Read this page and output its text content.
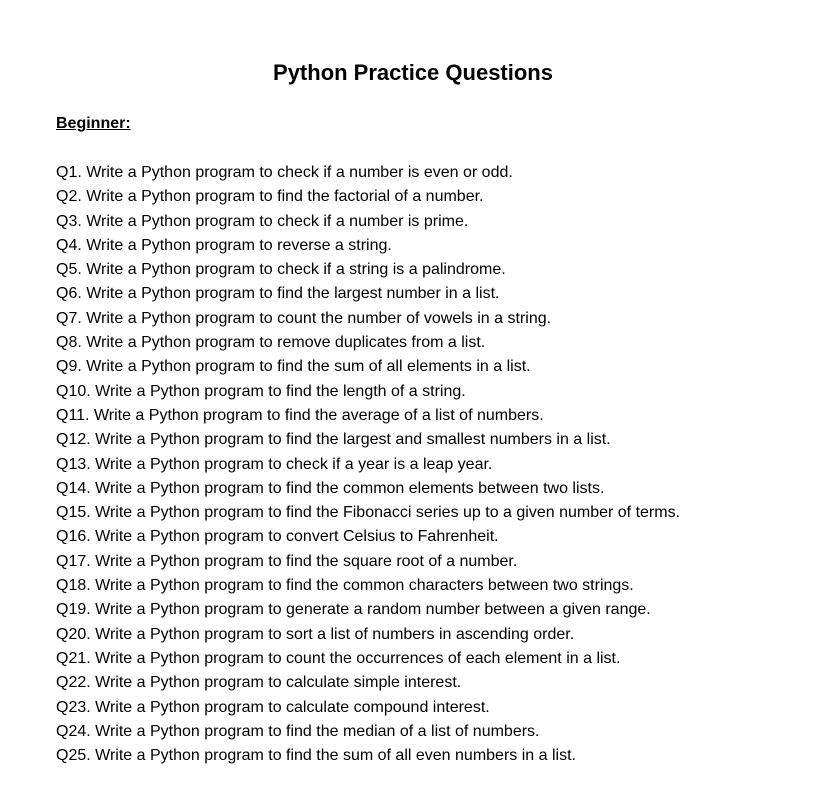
Python Practice Questions
Beginner:
Q1. Write a Python program to check if a number is even or odd.
Q2. Write a Python program to find the factorial of a number.
Q3. Write a Python program to check if a number is prime.
Q4. Write a Python program to reverse a string.
Q5. Write a Python program to check if a string is a palindrome.
Q6. Write a Python program to find the largest number in a list.
Q7. Write a Python program to count the number of vowels in a string.
Q8. Write a Python program to remove duplicates from a list.
Q9. Write a Python program to find the sum of all elements in a list.
Q10. Write a Python program to find the length of a string.
Q11. Write a Python program to find the average of a list of numbers.
Q12. Write a Python program to find the largest and smallest numbers in a list.
Q13. Write a Python program to check if a year is a leap year.
Q14. Write a Python program to find the common elements between two lists.
Q15. Write a Python program to find the Fibonacci series up to a given number of terms.
Q16. Write a Python program to convert Celsius to Fahrenheit.
Q17. Write a Python program to find the square root of a number.
Q18. Write a Python program to find the common characters between two strings.
Q19. Write a Python program to generate a random number between a given range.
Q20. Write a Python program to sort a list of numbers in ascending order.
Q21. Write a Python program to count the occurrences of each element in a list.
Q22. Write a Python program to calculate simple interest.
Q23. Write a Python program to calculate compound interest.
Q24. Write a Python program to find the median of a list of numbers.
Q25. Write a Python program to find the sum of all even numbers in a list.
